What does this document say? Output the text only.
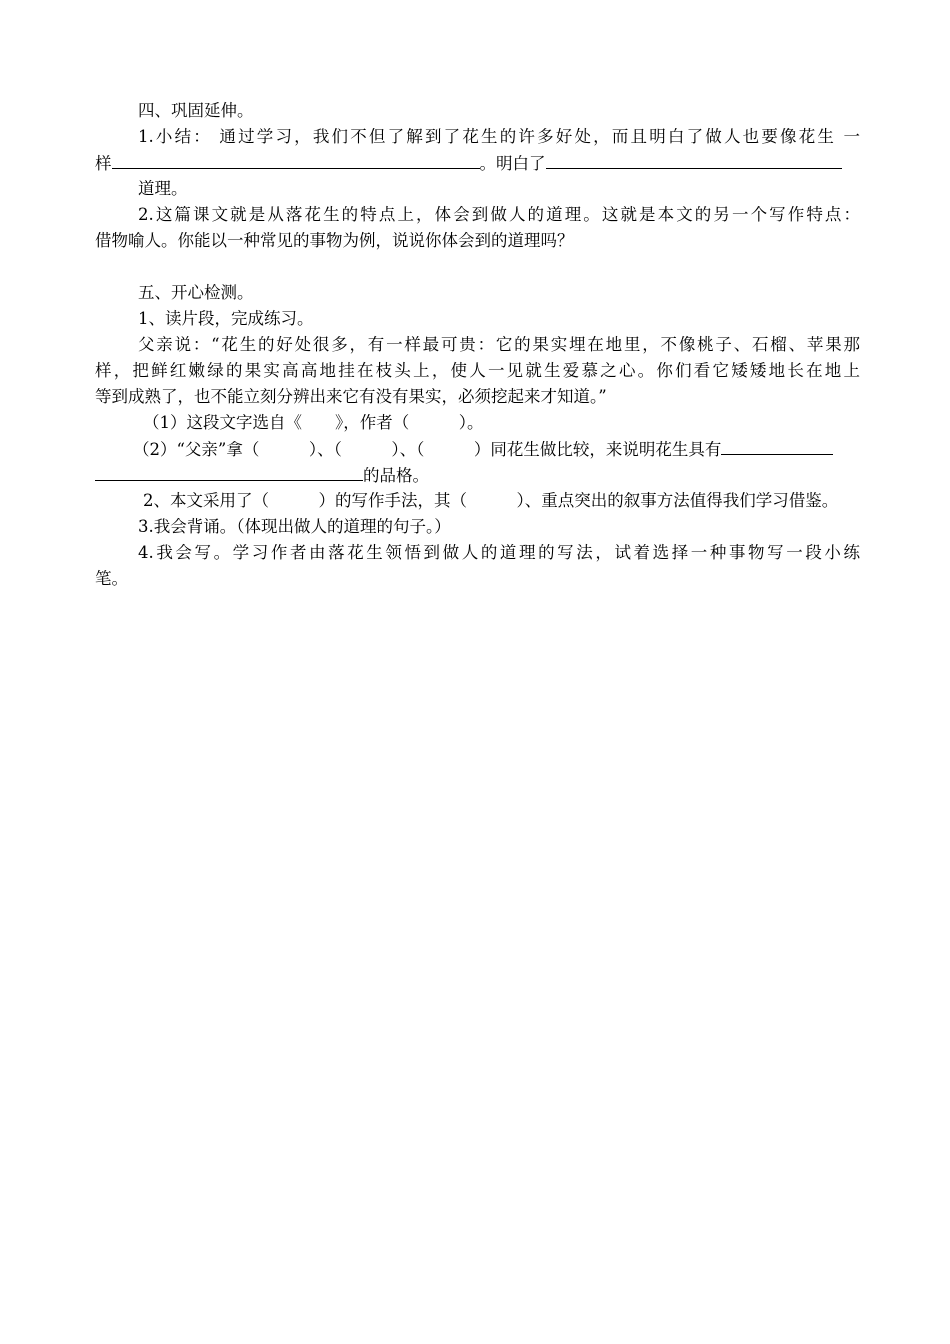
四、巩固延伸。
1.小结： 通过学习，我们不但了解到了花生的许多好处，而且明白了做人也要像花生 一
样	。明白了
道理。
2.这篇课文就是从落花生的特点上，体会到做人的道理。这就是本文的另一个写作特点：
借物喻人。你能以一种常见的事物为例，说说你体会到的道理吗？
五、开心检测。
1、读片段，完成练习。
父亲说：“花生的好处很多，有一样最可贵：它的果实埋在地里，不像桃子、石榴、苹果那
样，把鲜红嫩绿的果实高高地挂在枝头上，使人一见就生爱慕之心。你们看它矮矮地长在地上
等到成熟了，也不能立刻分辨出来它有没有果实，必须挖起来才知道。”
（1）这段文字选自《　　》，作者（　　　）。
（2）“父亲”拿（　　　）、（　　　）、（　　　）同花生做比较，来说明花生具有
的品格。
2、本文采用了（　　　）的写作手法，其（　　　）、重点突出的叙事方法值得我们学习借鉴。
3.我会背诵。（体现出做人的道理的句子。）
4.我会写。学习作者由落花生领悟到做人的道理的写法，试着选择一种事物写一段小练
笔。
